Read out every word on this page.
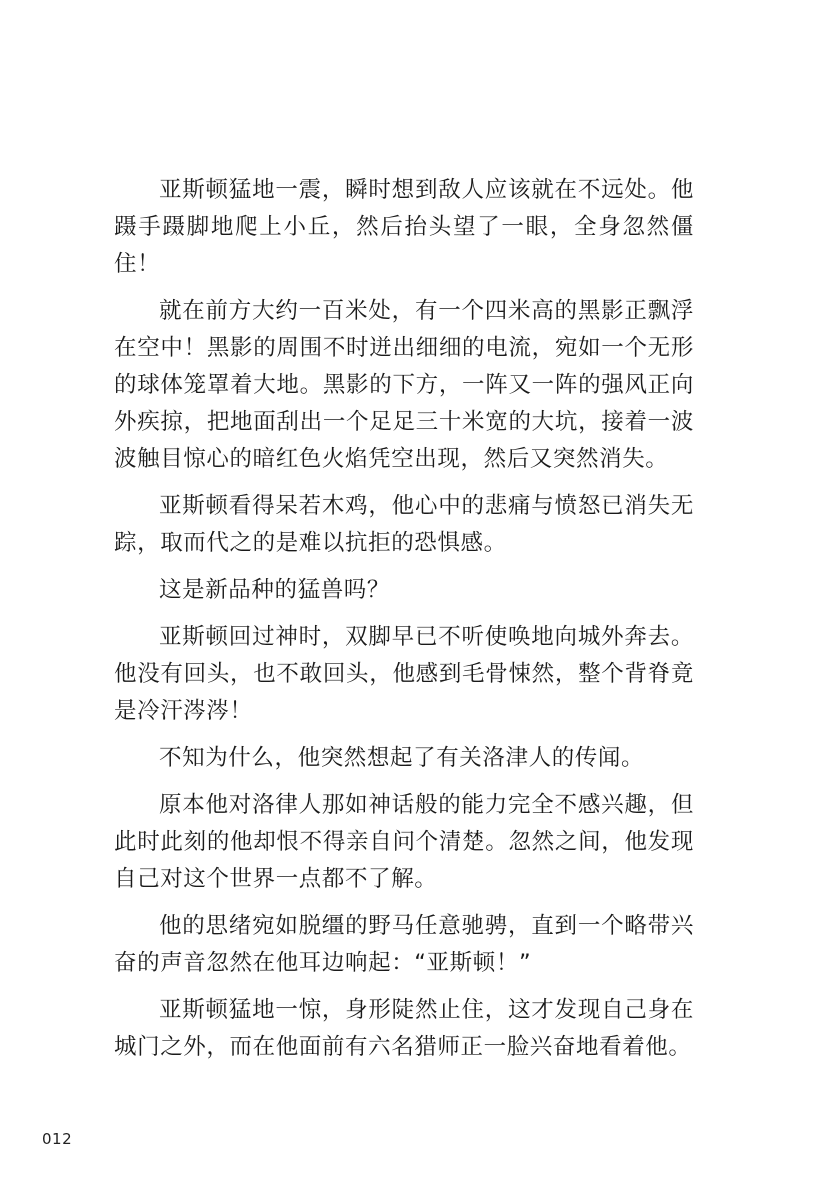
亚斯顿猛地一震，瞬时想到敌人应该就在不远处。他蹑手蹑脚地爬上小丘，然后抬头望了一眼，全身忽然僵住！

就在前方大约一百米处，有一个四米高的黑影正飘浮在空中！黑影的周围不时迸出细细的电流，宛如一个无形的球体笼罩着大地。黑影的下方，一阵又一阵的强风正向外疾掠，把地面刮出一个足足三十米宽的大坑，接着一波波触目惊心的暗红色火焰凭空出现，然后又突然消失。

亚斯顿看得呆若木鸡，他心中的悲痛与愤怒已消失无踪，取而代之的是难以抗拒的恐惧感。

这是新品种的猛兽吗？

亚斯顿回过神时，双脚早已不听使唤地向城外奔去。他没有回头，也不敢回头，他感到毛骨悚然，整个背脊竟是冷汗涔涔！

不知为什么，他突然想起了有关洛津人的传闻。

原本他对洛律人那如神话般的能力完全不感兴趣，但此时此刻的他却恨不得亲自问个清楚。忽然之间，他发现自己对这个世界一点都不了解。

他的思绪宛如脱缰的野马任意驰骋，直到一个略带兴奋的声音忽然在他耳边响起：“亚斯顿！”

亚斯顿猛地一惊，身形陡然止住，这才发现自己身在城门之外，而在他面前有六名猎师正一脸兴奋地看着他。

012
